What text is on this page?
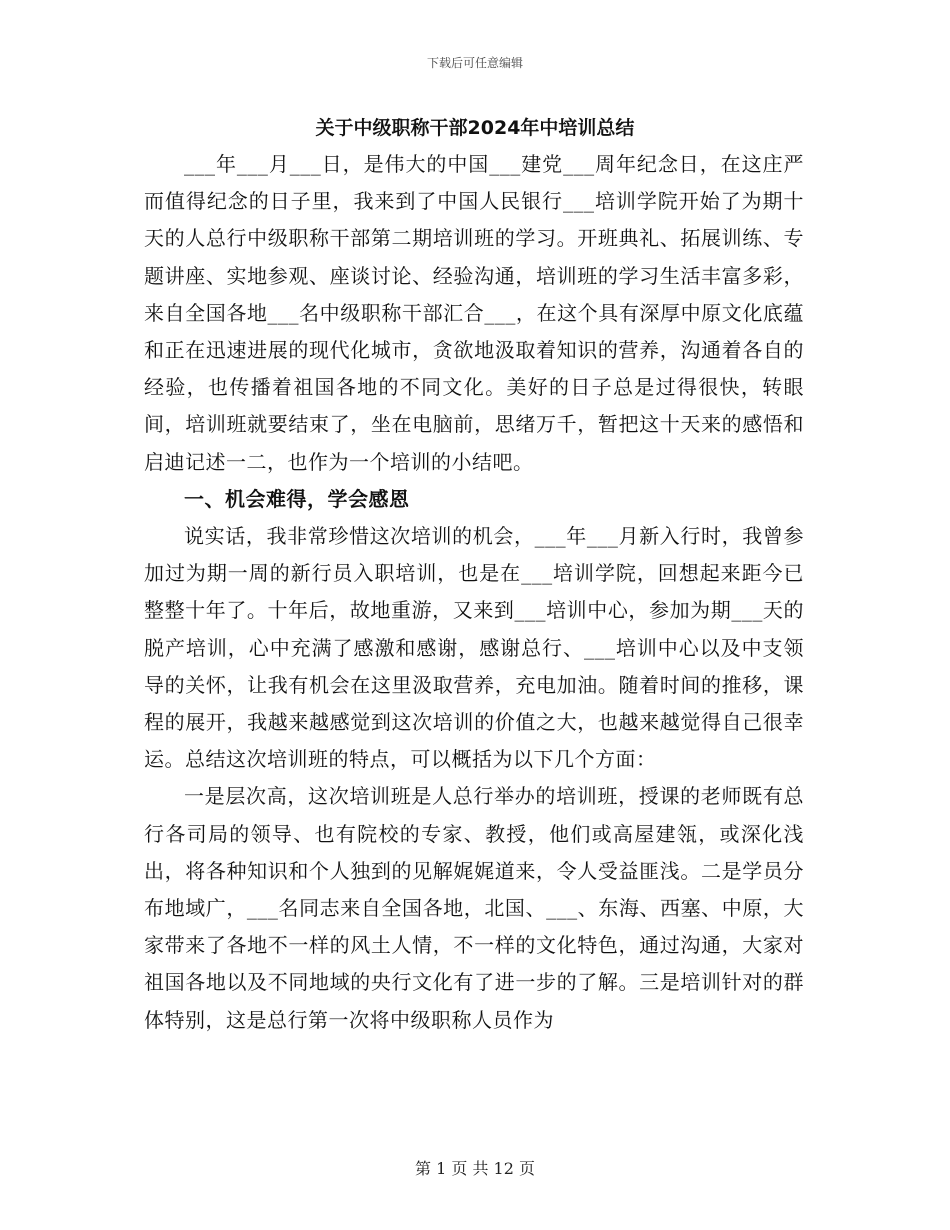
下载后可任意编辑
关于中级职称干部2024年中培训总结

___年___月___日，是伟大的中国___建党___周年纪念日，在这庄严而值得纪念的日子里，我来到了中国人民银行___培训学院开始了为期十天的人总行中级职称干部第二期培训班的学习。开班典礼、拓展训练、专题讲座、实地参观、座谈讨论、经验沟通，培训班的学习生活丰富多彩，来自全国各地___名中级职称干部汇合___，在这个具有深厚中原文化底蕴和正在迅速进展的现代化城市，贪欲地汲取着知识的营养，沟通着各自的经验，也传播着祖国各地的不同文化。美好的日子总是过得很快，转眼间，培训班就要结束了，坐在电脑前，思绪万千，暂把这十天来的感悟和启迪记述一二，也作为一个培训的小结吧。

一、机会难得，学会感恩

说实话，我非常珍惜这次培训的机会，___年___月新入行时，我曾参加过为期一周的新行员入职培训，也是在___培训学院，回想起来距今已整整十年了。十年后，故地重游，又来到___培训中心，参加为期___天的脱产培训，心中充满了感激和感谢，感谢总行、___培训中心以及中支领导的关怀，让我有机会在这里汲取营养，充电加油。随着时间的推移，课程的展开，我越来越感觉到这次培训的价值之大，也越来越觉得自己很幸运。总结这次培训班的特点，可以概括为以下几个方面：

一是层次高，这次培训班是人总行举办的培训班，授课的老师既有总行各司局的领导、也有院校的专家、教授，他们或高屋建瓴，或深化浅出，将各种知识和个人独到的见解娓娓道来，令人受益匪浅。二是学员分布地域广，___名同志来自全国各地，北国、___、东海、西塞、中原，大家带来了各地不一样的风土人情，不一样的文化特色，通过沟通，大家对祖国各地以及不同地域的央行文化有了进一步的了解。三是培训针对的群体特别，这是总行第一次将中级职称人员作为

第 1 页 共 12 页
